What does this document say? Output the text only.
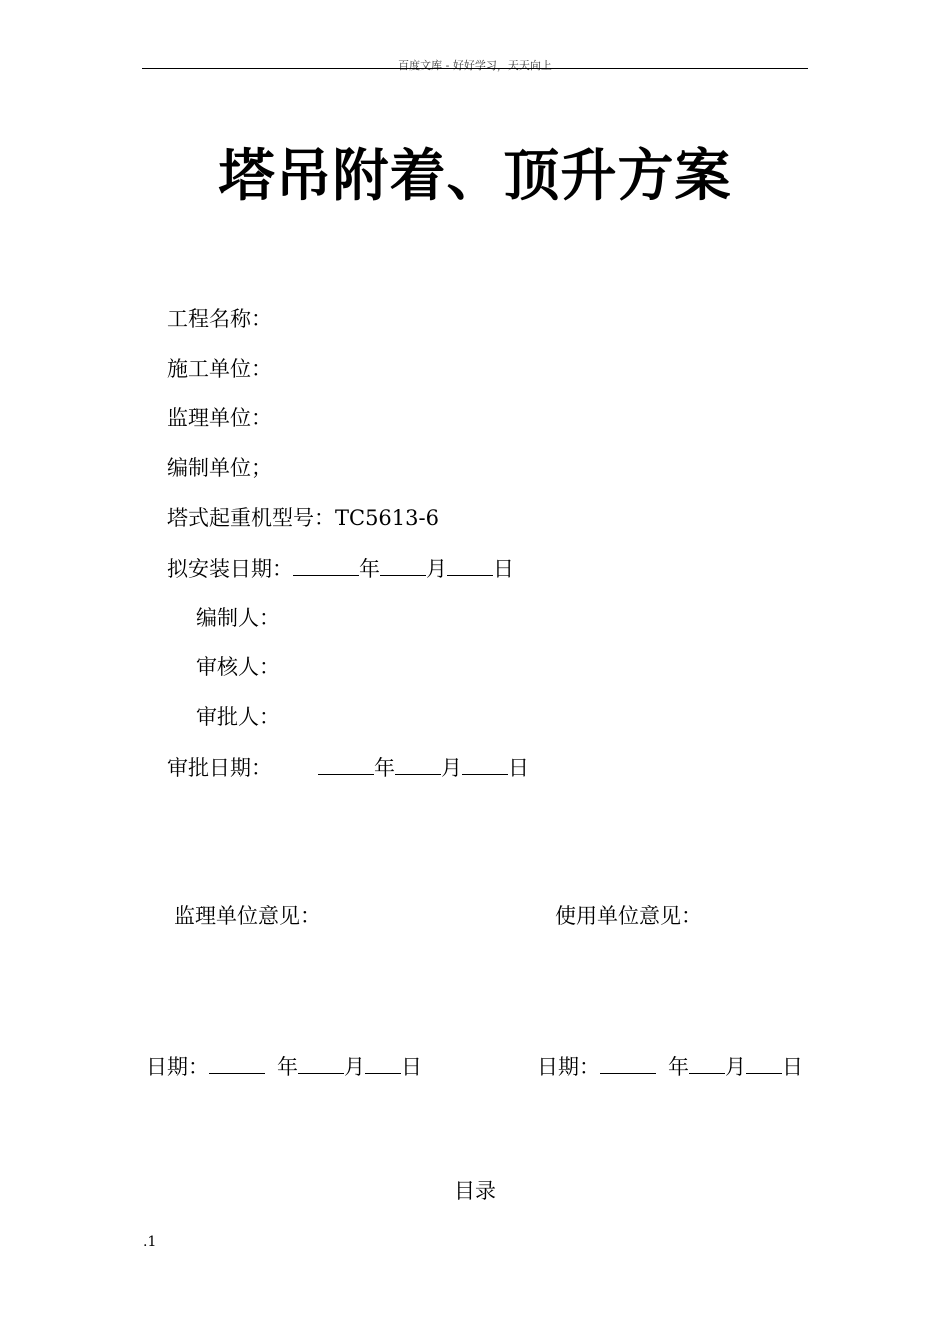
百度文库 - 好好学习，天天向上
塔吊附着、顶升方案
工程名称：
施工单位：
监理单位：
编制单位；
塔式起重机型号：TC5613-6
拟安装日期：	年 月 日
编制人：
审核人：
审批人：
审批日期：	年 月 日
监理单位意见：	使用单位意见：
日期：	年 月 日	日期：	年 月 日
目录
.1
